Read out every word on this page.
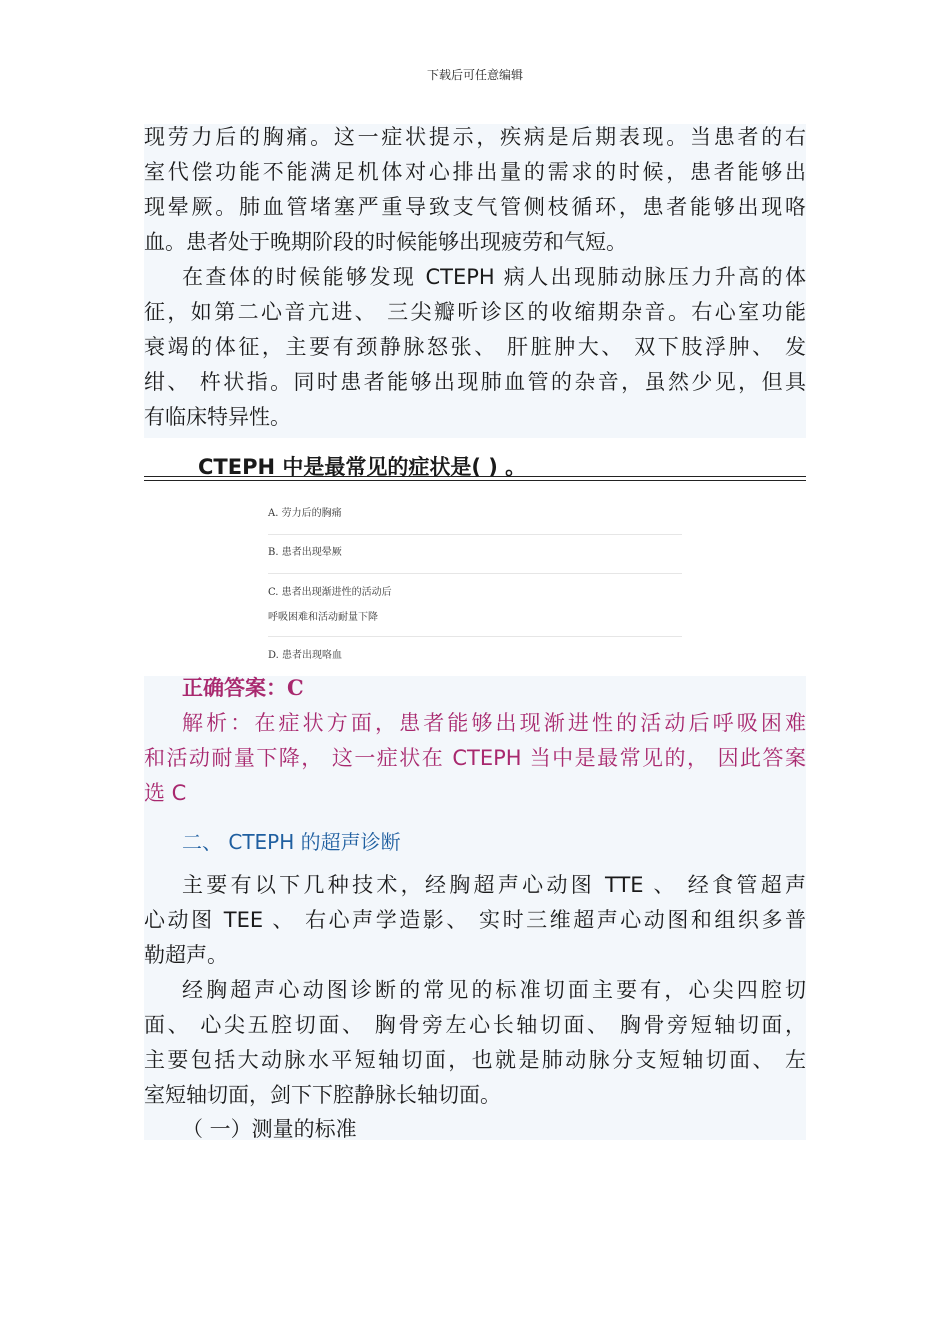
下载后可任意编辑
现劳力后的胸痛。这一症状提示，疾病是后期表现。当患者的右
室代偿功能不能满足机体对心排出量的需求的时候，患者能够出
现晕厥。肺血管堵塞严重导致支气管侧枝循环，患者能够出现咯
血。患者处于晚期阶段的时候能够出现疲劳和气短。
在查体的时候能够发现 CTEPH 病人出现肺动脉压力升高的体
征，如第二心音亢进、 三尖瓣听诊区的收缩期杂音。右心室功能
衰竭的体征，主要有颈静脉怒张、 肝脏肿大、 双下肢浮肿、 发
绀、 杵状指。同时患者能够出现肺血管的杂音，虽然少见，但具
有临床特异性。
CTEPH 中是最常见的症状是( ) 。
A. 劳力后的胸痛
B. 患者出现晕厥
C. 患者出现渐进性的活动后
呼吸困难和活动耐量下降
D. 患者出现咯血
正确答案：C
解析：在症状方面，患者能够出现渐进性的活动后呼吸困难
和活动耐量下降， 这一症状在 CTEPH 当中是最常见的， 因此答案
选 C
二、 CTEPH 的超声诊断
主要有以下几种技术，经胸超声心动图 TTE 、 经食管超声
心动图 TEE 、 右心声学造影、 实时三维超声心动图和组织多普
勒超声。
经胸超声心动图诊断的常见的标准切面主要有，心尖四腔切
面、 心尖五腔切面、 胸骨旁左心长轴切面、 胸骨旁短轴切面，
主要包括大动脉水平短轴切面，也就是肺动脉分支短轴切面、 左
室短轴切面，剑下下腔静脉长轴切面。
（ 一）测量的标准
